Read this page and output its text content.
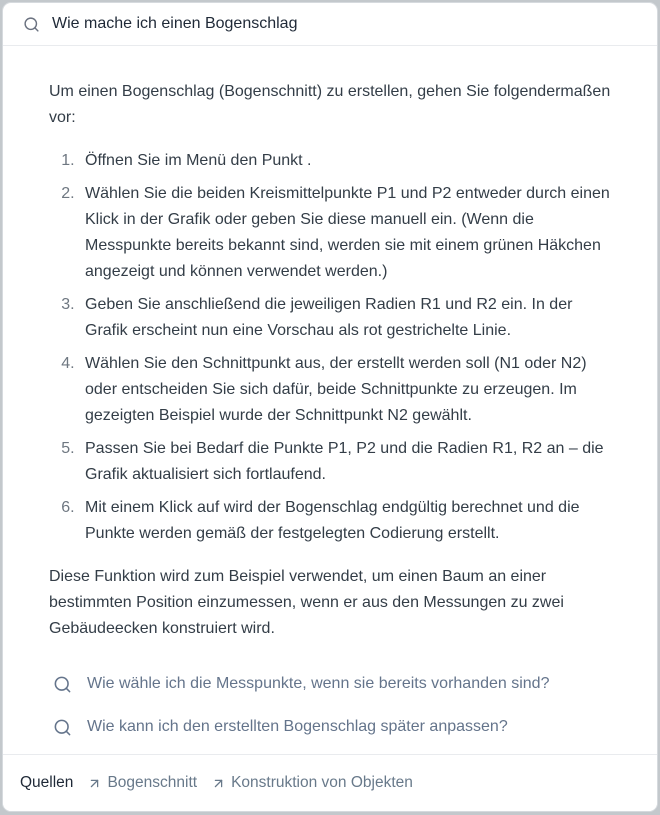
Wie mache ich einen Bogenschlag

Um einen Bogenschlag (Bogenschnitt) zu erstellen, gehen Sie folgendermaßen vor:

1. Öffnen Sie im Menü den Punkt .
2. Wählen Sie die beiden Kreismittelpunkte P1 und P2 entweder durch einen Klick in der Grafik oder geben Sie diese manuell ein. (Wenn die Messpunkte bereits bekannt sind, werden sie mit einem grünen Häkchen angezeigt und können verwendet werden.)
3. Geben Sie anschließend die jeweiligen Radien R1 und R2 ein. In der Grafik erscheint nun eine Vorschau als rot gestrichelte Linie.
4. Wählen Sie den Schnittpunkt aus, der erstellt werden soll (N1 oder N2) oder entscheiden Sie sich dafür, beide Schnittpunkte zu erzeugen. Im gezeigten Beispiel wurde der Schnittpunkt N2 gewählt.
5. Passen Sie bei Bedarf die Punkte P1, P2 und die Radien R1, R2 an – die Grafik aktualisiert sich fortlaufend.
6. Mit einem Klick auf wird der Bogenschlag endgültig berechnet und die Punkte werden gemäß der festgelegten Codierung erstellt.

Diese Funktion wird zum Beispiel verwendet, um einen Baum an einer bestimmten Position einzumessen, wenn er aus den Messungen zu zwei Gebäudeecken konstruiert wird.

Wie wähle ich die Messpunkte, wenn sie bereits vorhanden sind?
Wie kann ich den erstellten Bogenschlag später anpassen?
Quellen Bogenschnitt Konstruktion von Objekten
